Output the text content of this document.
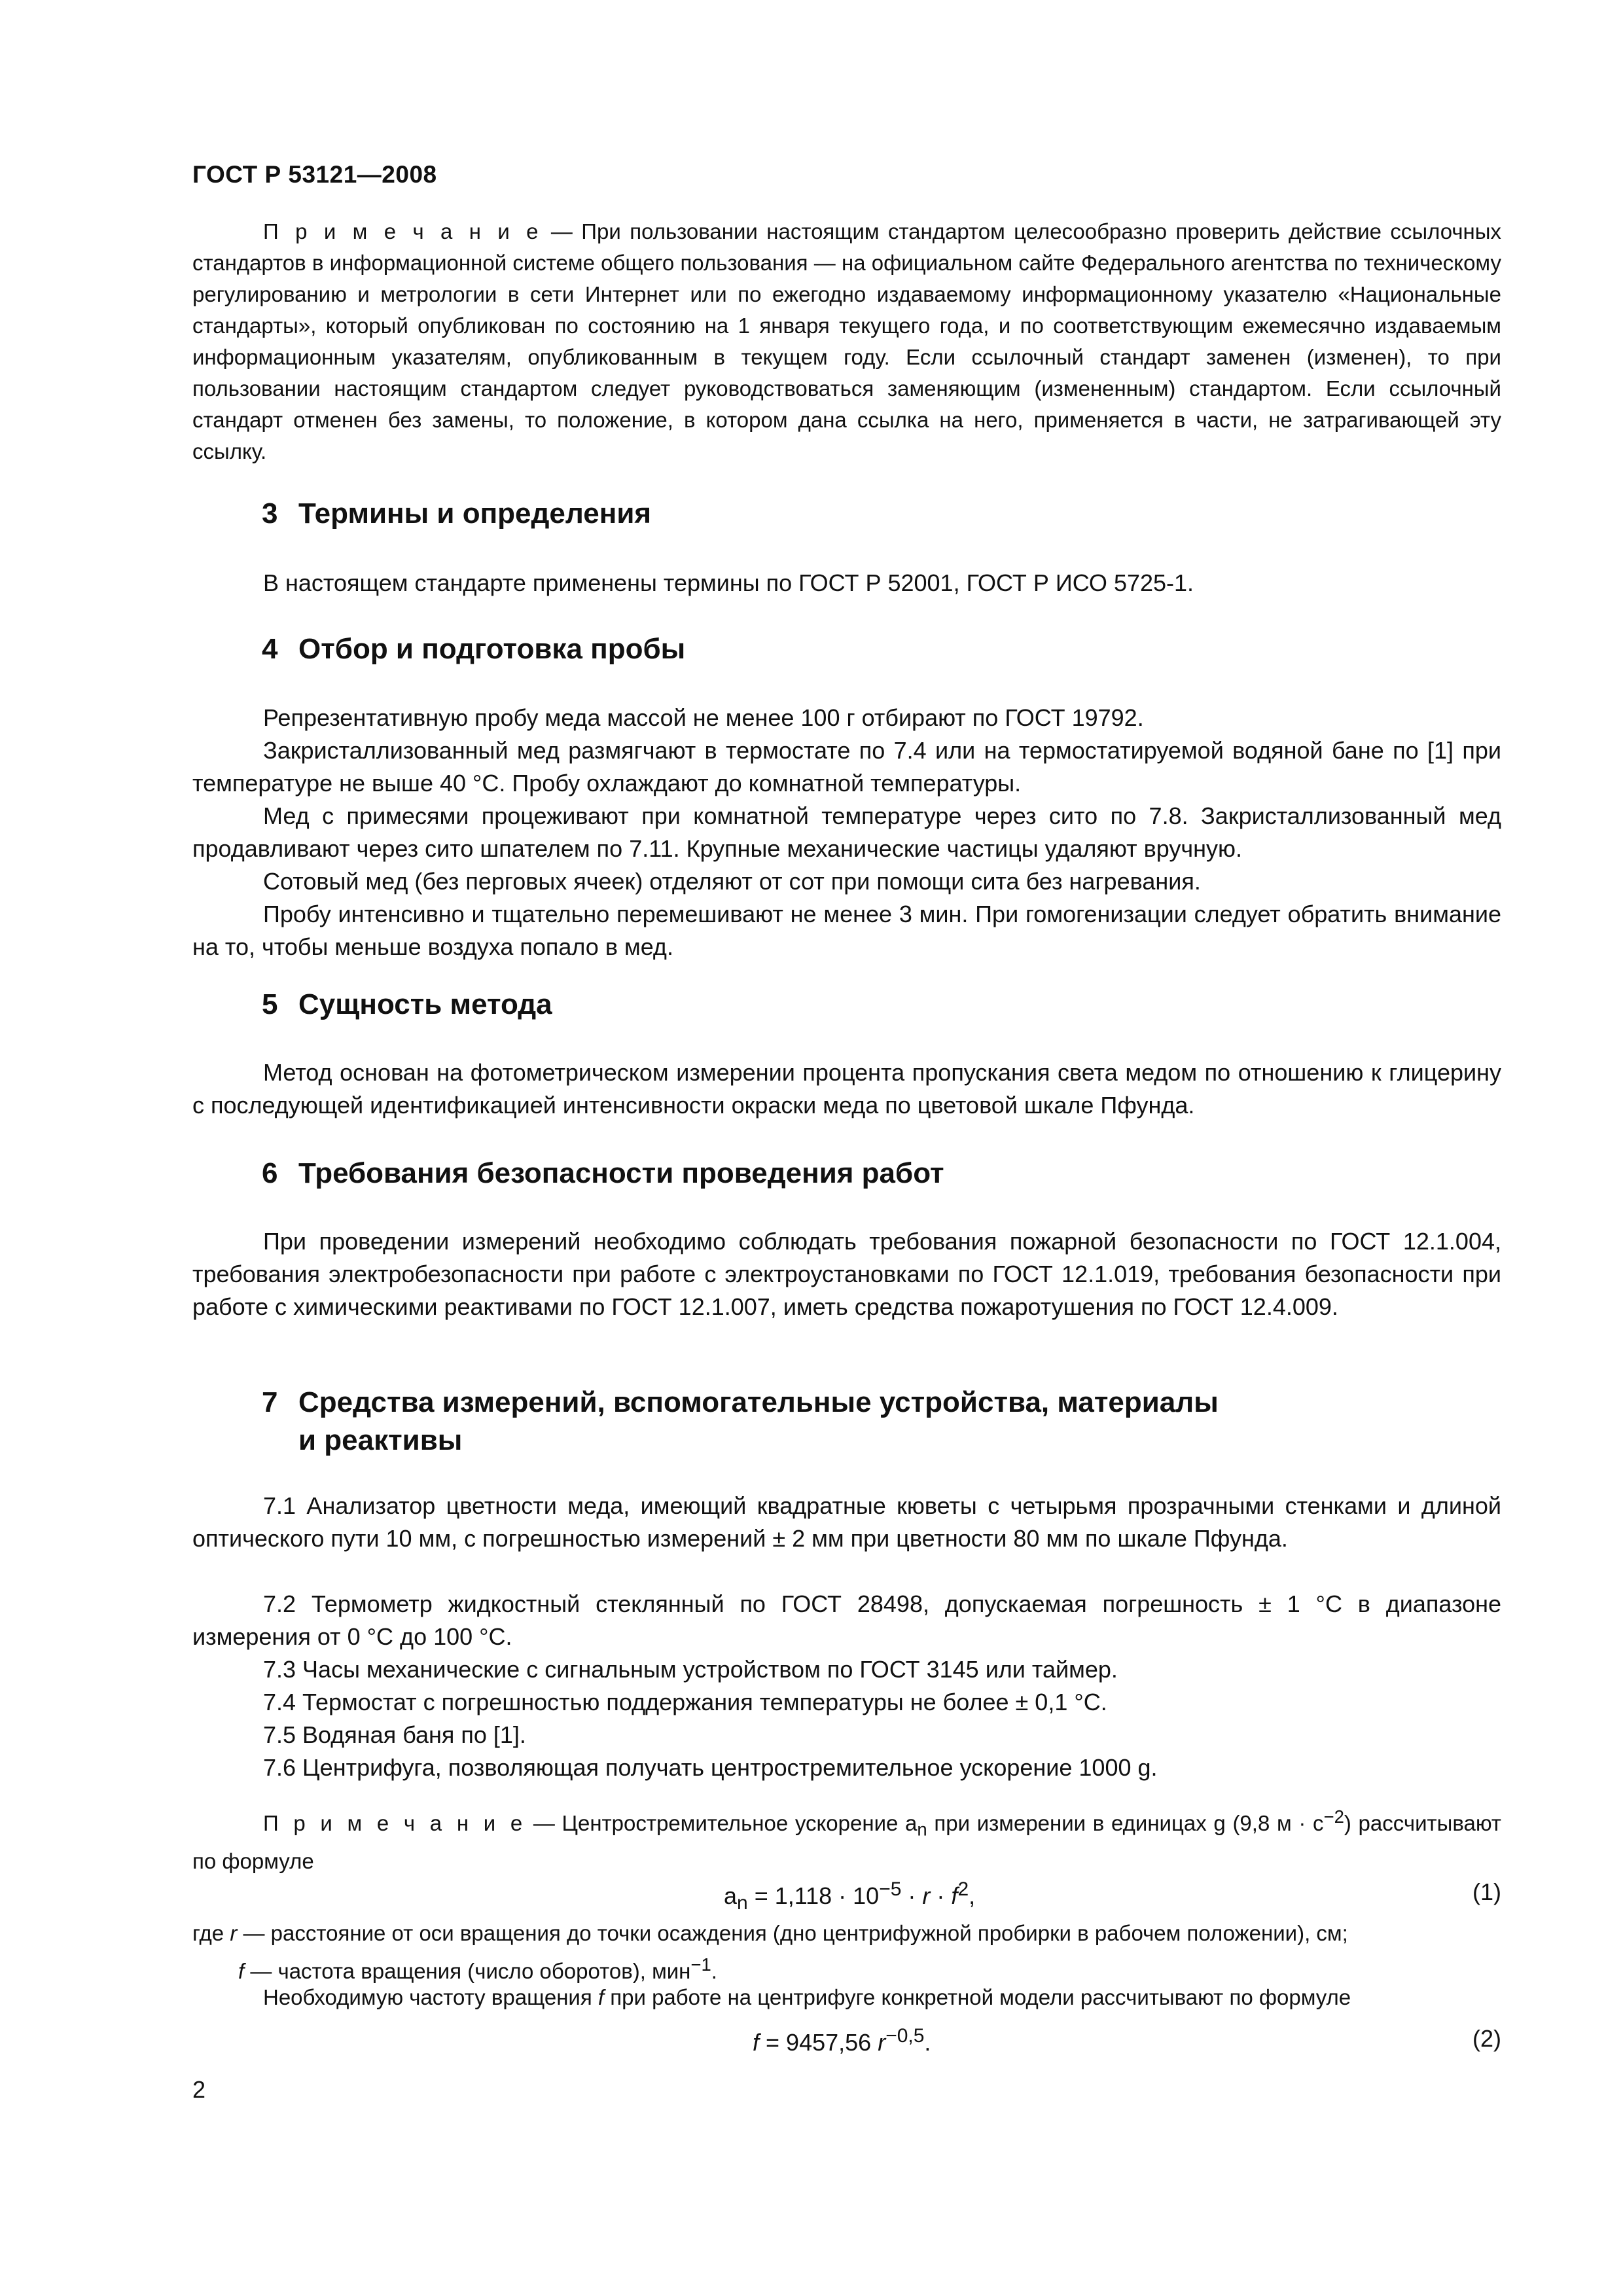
ГОСТ Р 53121—2008

П р и м е ч а н и е — При пользовании настоящим стандартом целесообразно проверить действие ссылочных стандартов в информационной системе общего пользования — на официальном сайте Федерального агентства по техническому регулированию и метрологии в сети Интернет или по ежегодно издаваемому информационному указателю «Национальные стандарты», который опубликован по состоянию на 1 января текущего года, и по соответствующим ежемесячно издаваемым информационным указателям, опубликованным в текущем году. Если ссылочный стандарт заменен (изменен), то при пользовании настоящим стандартом следует руководствоваться заменяющим (измененным) стандартом. Если ссылочный стандарт отменен без замены, то положение, в котором дана ссылка на него, применяется в части, не затрагивающей эту ссылку.

3 Термины и определения

В настоящем стандарте применены термины по ГОСТ Р 52001, ГОСТ Р ИСО 5725-1.

4 Отбор и подготовка пробы

Репрезентативную пробу меда массой не менее 100 г отбирают по ГОСТ 19792.

Закристаллизованный мед размягчают в термостате по 7.4 или на термостатируемой водяной бане по [1] при температуре не выше 40 °С. Пробу охлаждают до комнатной температуры.

Мед с примесями процеживают при комнатной температуре через сито по 7.8. Закристаллизованный мед продавливают через сито шпателем по 7.11. Крупные механические частицы удаляют вручную.

Сотовый мед (без перговых ячеек) отделяют от сот при помощи сита без нагревания.

Пробу интенсивно и тщательно перемешивают не менее 3 мин. При гомогенизации следует обратить внимание на то, чтобы меньше воздуха попало в мед.

5 Сущность метода

Метод основан на фотометрическом измерении процента пропускания света медом по отношению к глицерину с последующей идентификацией интенсивности окраски меда по цветовой шкале Пфунда.

6 Требования безопасности проведения работ

При проведении измерений необходимо соблюдать требования пожарной безопасности по ГОСТ 12.1.004, требования электробезопасности при работе с электроустановками по ГОСТ 12.1.019, требования безопасности при работе с химическими реактивами по ГОСТ 12.1.007, иметь средства пожаротушения по ГОСТ 12.4.009.

7 Средства измерений, вспомогательные устройства, материалы
и реактивы

7.1 Анализатор цветности меда, имеющий квадратные кюветы с четырьмя прозрачными стенками и длиной оптического пути 10 мм, с погрешностью измерений ± 2 мм при цветности 80 мм по шкале Пфунда.

7.2 Термометр жидкостный стеклянный по ГОСТ 28498, допускаемая погрешность ± 1 °С в диапазоне измерения от 0 °С до 100 °С.

7.3 Часы механические с сигнальным устройством по ГОСТ 3145 или таймер.

7.4 Термостат с погрешностью поддержания температуры не более ± 0,1 °С.

7.5 Водяная баня по [1].

7.6 Центрифуга, позволяющая получать центростремительное ускорение 1000 g.

П р и м е ч а н и е — Центростремительное ускорение $a_n$ при измерении в единицах g (9,8 $м \cdot с^{-2}$) рассчитывают по формуле

$a_n = 1,118 \cdot 10^{-5} \cdot r \cdot f^2$,	(1)
где r — расстояние от оси вращения до точки осаждения (дно центрифужной пробирки в рабочем положении), см;
f — частота вращения (число оборотов), мин$^{-1}$.
Необходимую частоту вращения f при работе на центрифуге конкретной модели рассчитывают по формуле
f = 9457,56 $r^{-0,5}$.	(2)
2
